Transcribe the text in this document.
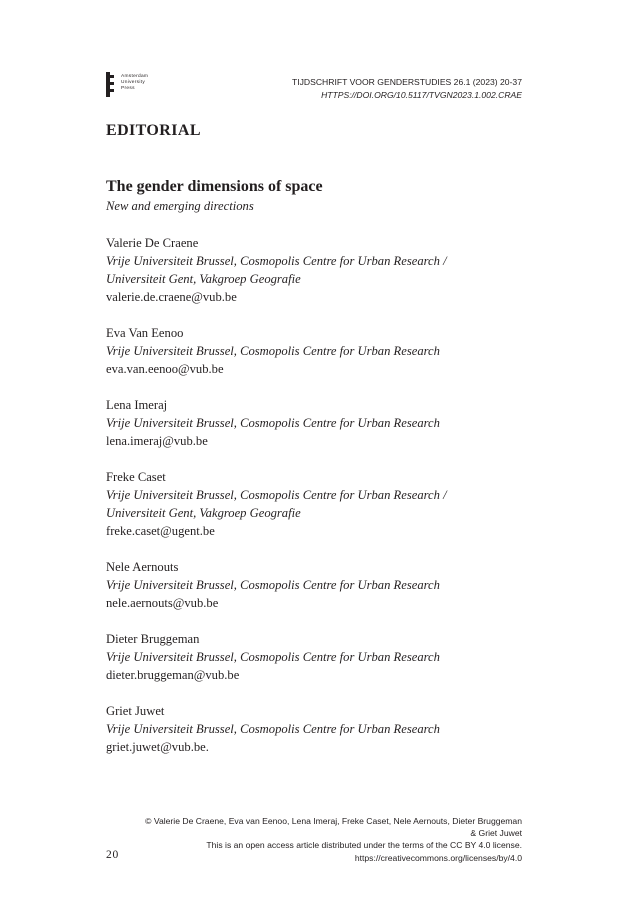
Amsterdam
University
Press
TIJDSCHRIFT VOOR GENDERSTUDIES 26.1 (2023) 20-37
HTTPS://DOI.ORG/10.5117/TVGN2023.1.002.CRAE
EDITORIAL
The gender dimensions of space
New and emerging directions
Valerie De Craene
Vrije Universiteit Brussel, Cosmopolis Centre for Urban Research /
Universiteit Gent, Vakgroep Geografie
valerie.de.craene@vub.be
Eva Van Eenoo
Vrije Universiteit Brussel, Cosmopolis Centre for Urban Research
eva.van.eenoo@vub.be
Lena Imeraj
Vrije Universiteit Brussel, Cosmopolis Centre for Urban Research
lena.imeraj@vub.be
Freke Caset
Vrije Universiteit Brussel, Cosmopolis Centre for Urban Research /
Universiteit Gent, Vakgroep Geografie
freke.caset@ugent.be
Nele Aernouts
Vrije Universiteit Brussel, Cosmopolis Centre for Urban Research
nele.aernouts@vub.be
Dieter Bruggeman
Vrije Universiteit Brussel, Cosmopolis Centre for Urban Research
dieter.bruggeman@vub.be
Griet Juwet
Vrije Universiteit Brussel, Cosmopolis Centre for Urban Research
griet.juwet@vub.be.
© Valerie De Craene, Eva van Eenoo, Lena Imeraj, Freke Caset, Nele Aernouts, Dieter Bruggeman
& Griet Juwet
This is an open access article distributed under the terms of the CC BY 4.0 license.
https://creativecommons.org/licenses/by/4.0
20
